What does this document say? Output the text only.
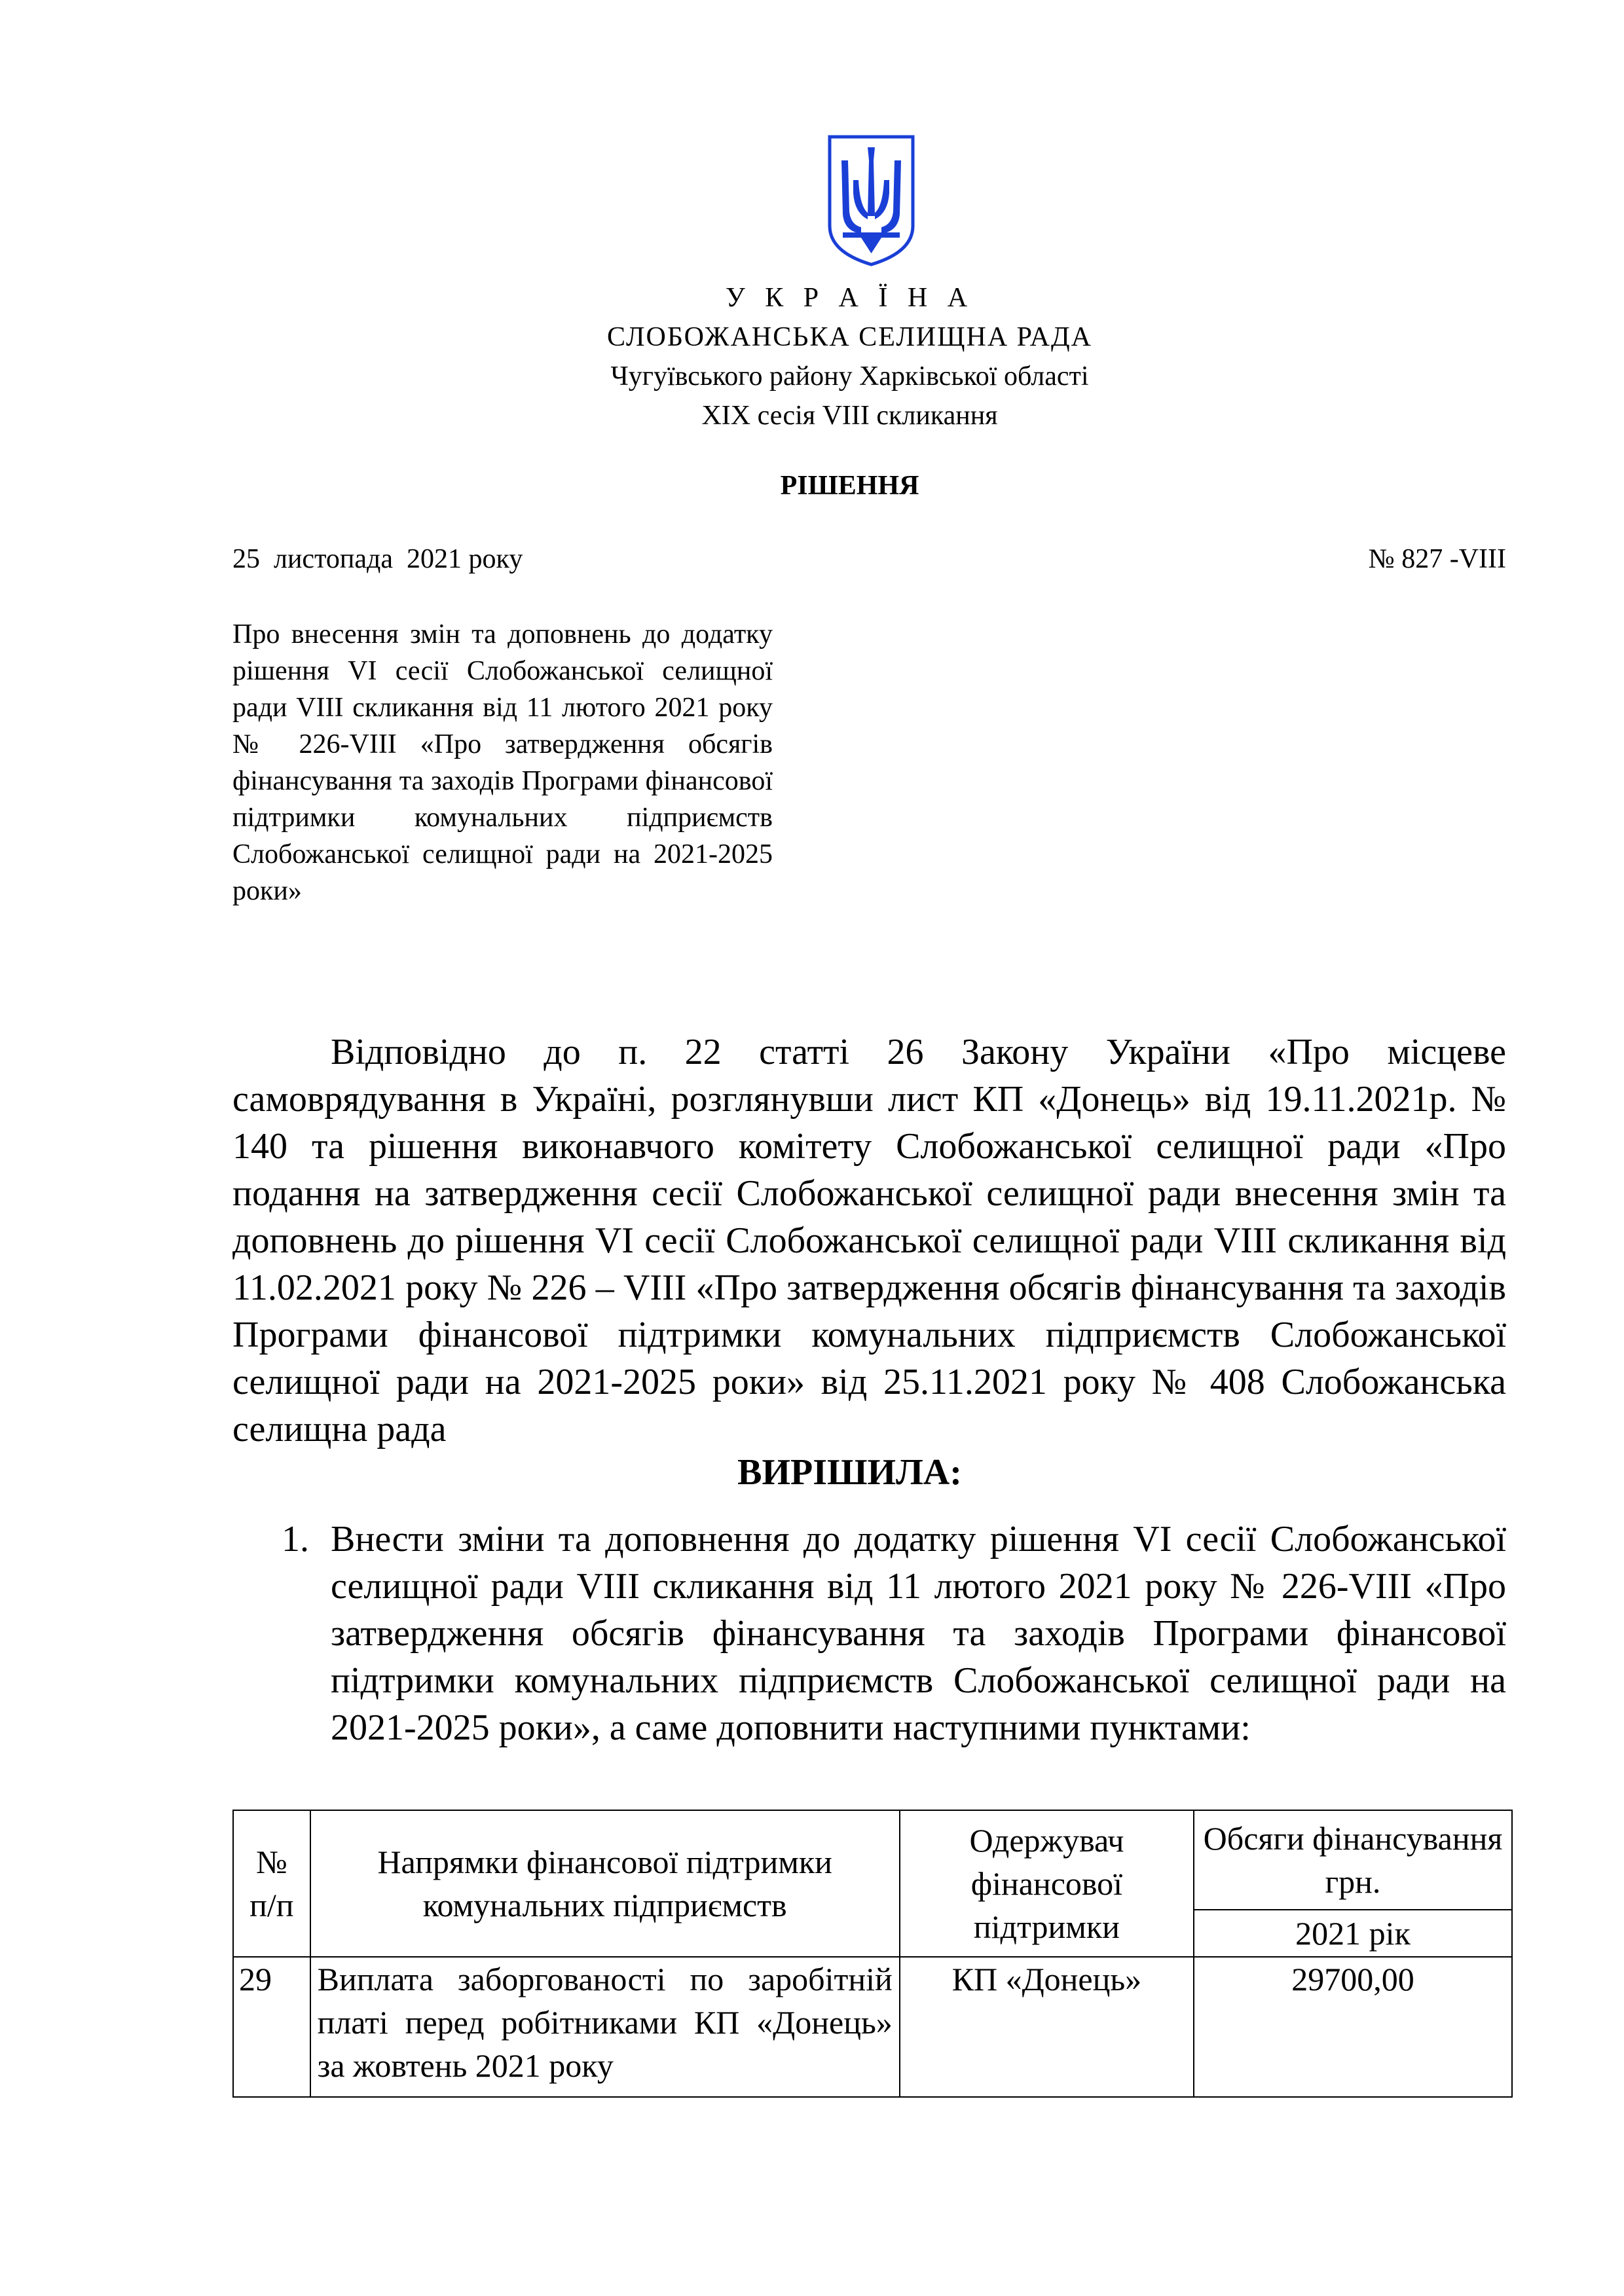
У К Р А Ї Н А
СЛОБОЖАНСЬКА СЕЛИЩНА РАДА
Чугуївського району Харківської області
XIX сесія VIII скликання
РІШЕННЯ
25  листопада  2021 року	№ 827 -VIII
Про внесення змін та доповнень до додатку рішення VI сесії Слобожанської селищної ради VIII скликання від 11 лютого 2021 року № 226-VIII «Про затвердження обсягів фінансування та заходів Програми фінансової підтримки комунальних підприємств Слобожанської селищної ради на 2021-2025 роки»
Відповідно до п. 22 статті 26 Закону України «Про місцеве самоврядування в Україні, розглянувши лист КП «Донець» від 19.11.2021р. № 140 та рішення виконавчого комітету Слобожанської селищної ради «Про подання на затвердження сесії Слобожанської селищної ради внесення змін та доповнень до рішення VI сесії Слобожанської селищної ради VIII скликання від 11.02.2021 року № 226 – VIII «Про затвердження обсягів фінансування та заходів Програми фінансової підтримки комунальних підприємств Слобожанської селищної ради на 2021-2025 роки» від 25.11.2021 року № 408 Слобожанська селищна рада
ВИРІШИЛА:
1. Внести зміни та доповнення до додатку рішення VI сесії Слобожанської селищної ради VIII скликання від 11 лютого 2021 року № 226-VIII «Про затвердження обсягів фінансування та заходів Програми фінансової підтримки комунальних підприємств Слобожанської селищної ради на 2021-2025 роки», а саме доповнити наступними пунктами:
№ п/п	Напрямки фінансової підтримки комунальних підприємств	Одержувач фінансової підтримки	Обсяги фінансування грн.
			2021 рік
29	Виплата заборгованості по заробітній платі перед робітниками КП «Донець» за жовтень 2021 року	КП «Донець»	29700,00
